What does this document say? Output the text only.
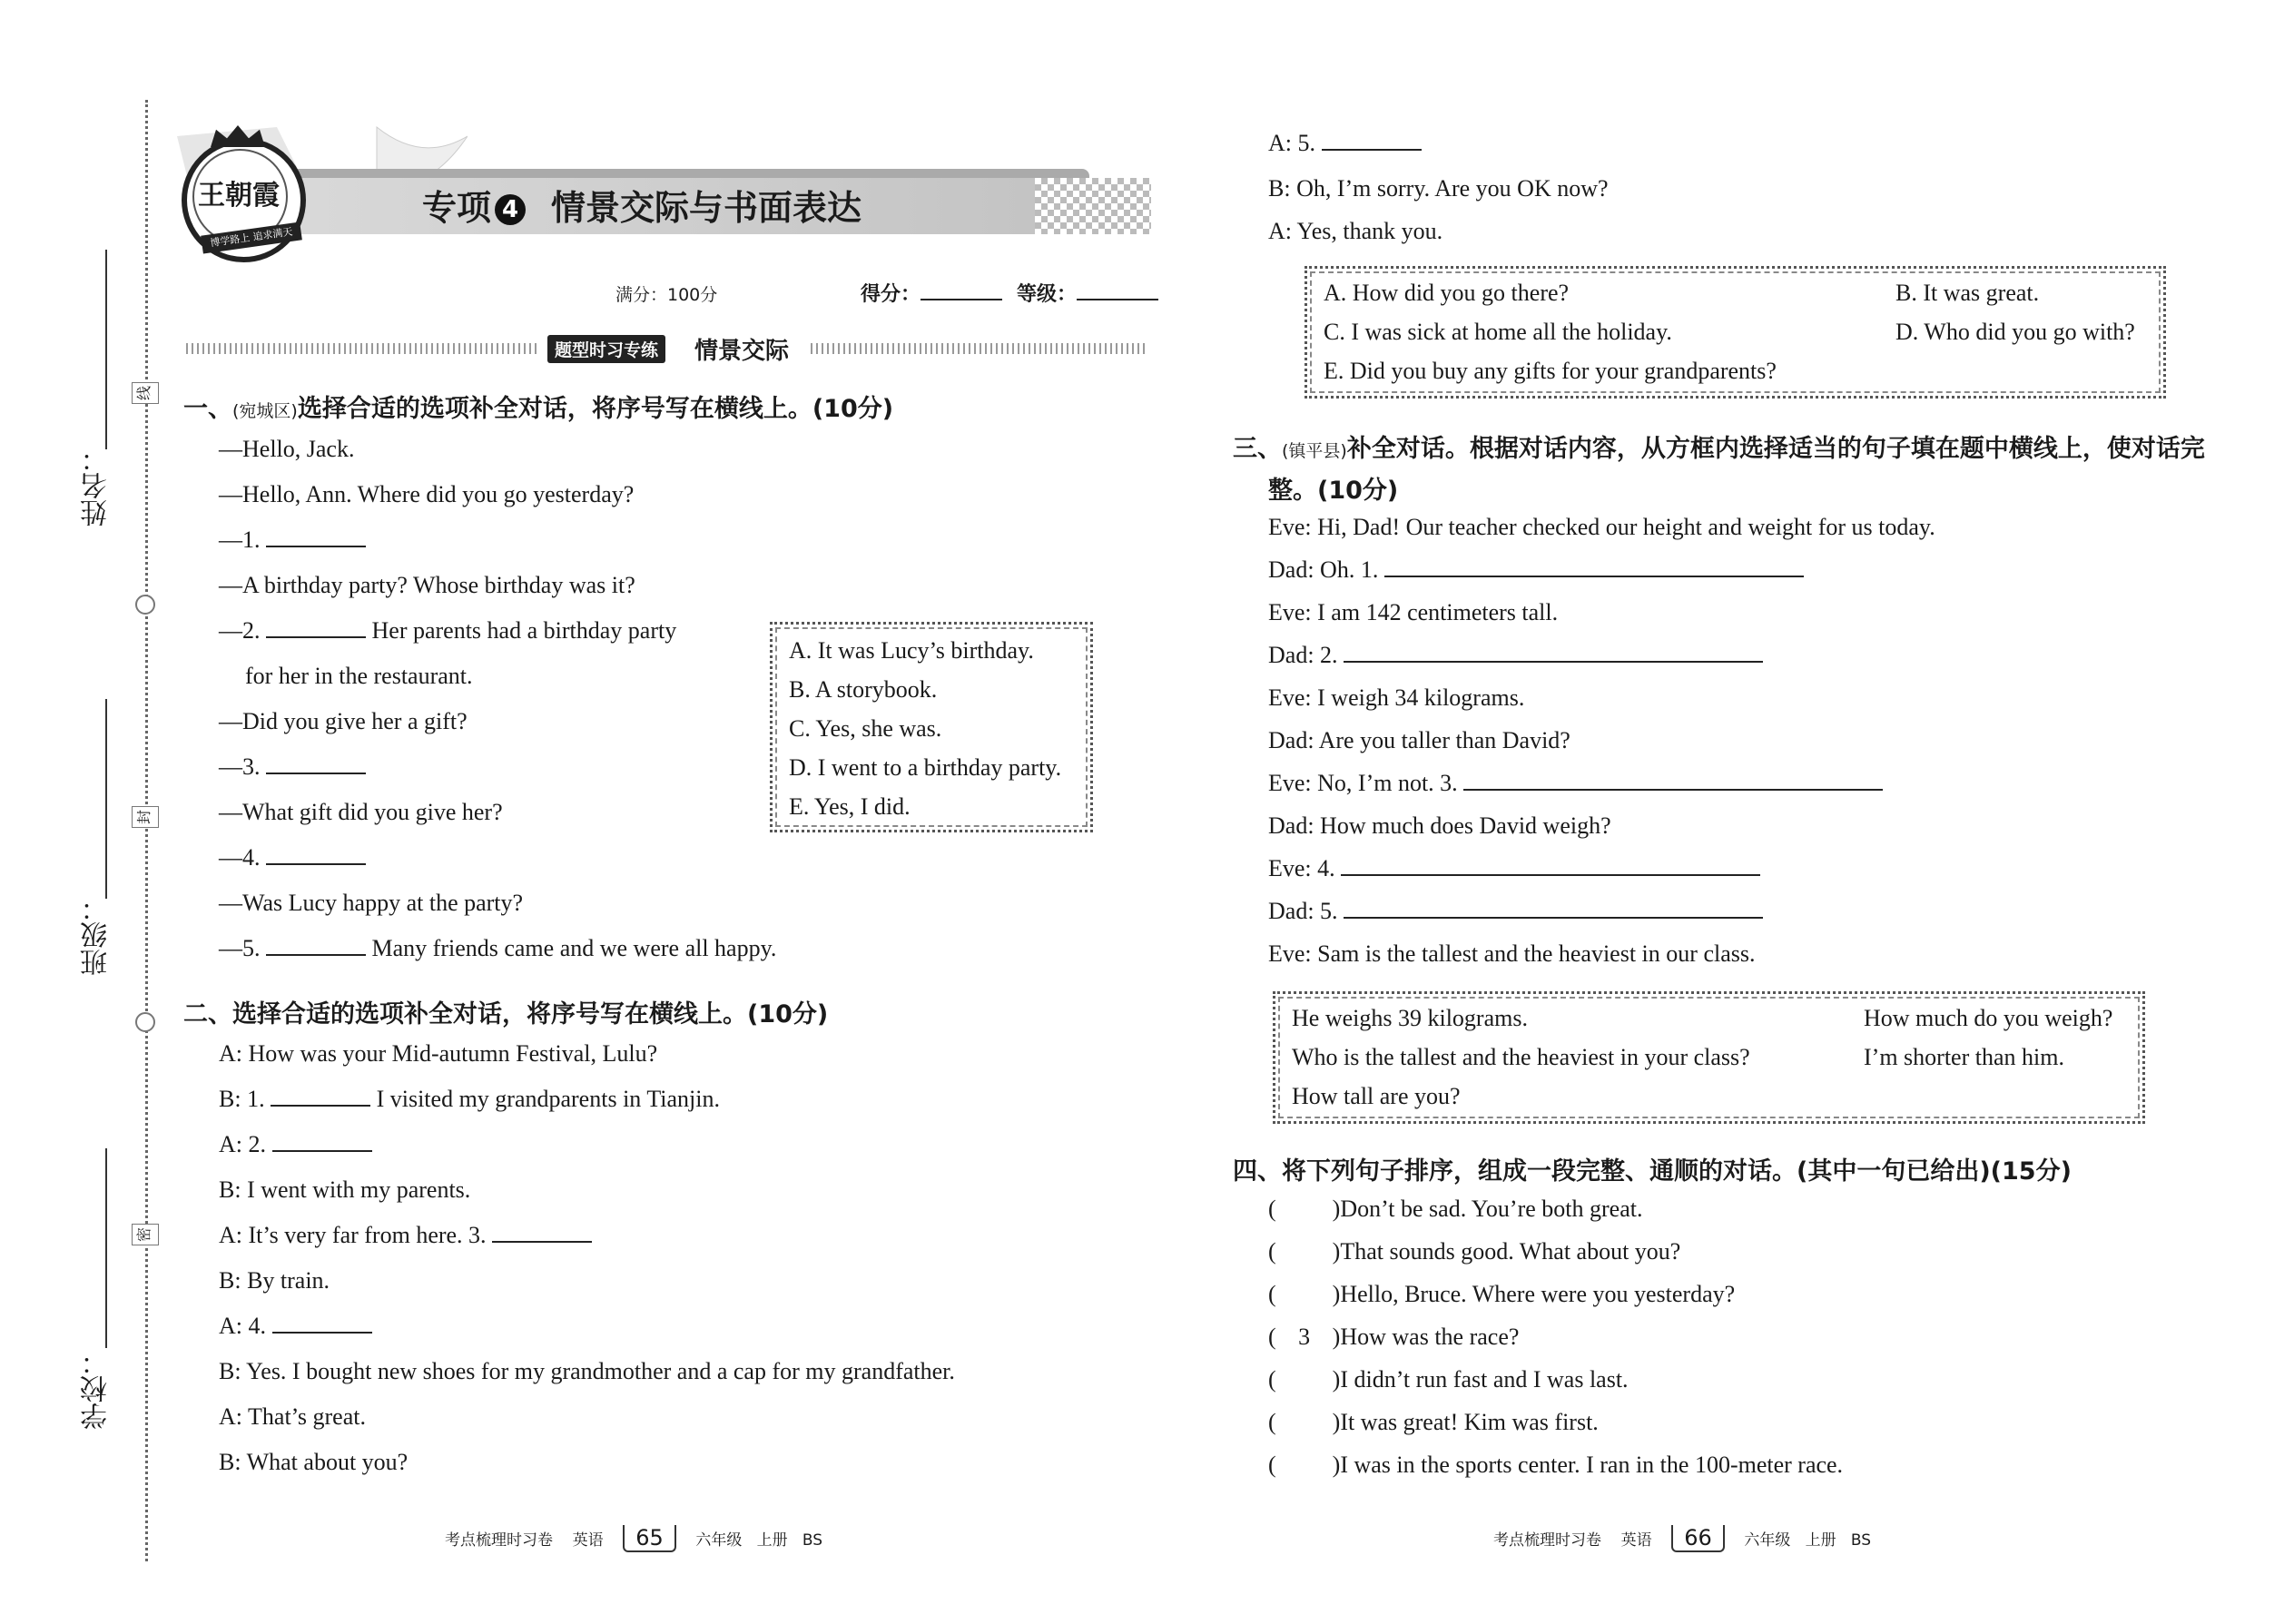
姓名：
班级：
学校：
线
封
密
王朝霞
博学路上 追求满天
专项 4 情景交际与书面表达
满分：100分	得分：	等级：
题型时习专练	情景交际
一、(宛城区)选择合适的选项补全对话，将序号写在横线上。(10分)
—Hello, Jack.
—Hello, Ann. Where did you go yesterday?
—1.
—A birthday party? Whose birthday was it?
—2.	Her parents had a birthday party
for her in the restaurant.
—Did you give her a gift?
—3.
—What gift did you give her?
—4.
—Was Lucy happy at the party?
—5.	Many friends came and we were all happy.
A. It was Lucy’s birthday.
B. A storybook.
C. Yes, she was.
D. I went to a birthday party.
E. Yes, I did.
二、选择合适的选项补全对话，将序号写在横线上。(10分)
A: How was your Mid-autumn Festival, Lulu?
B: 1.	I visited my grandparents in Tianjin.
A: 2.
B: I went with my parents.
A: It’s very far from here. 3.
B: By train.
A: 4.
B: Yes. I bought new shoes for my grandmother and a cap for my grandfather.
A: That’s great.
B: What about you?
A: 5.
B: Oh, I’m sorry. Are you OK now?
A: Yes, thank you.
A. How did you go there?	B. It was great.
C. I was sick at home all the holiday.	D. Who did you go with?
E. Did you buy any gifts for your grandparents?
三、(镇平县)补全对话。根据对话内容，从方框内选择适当的句子填在题中横线上，使对话完
整。(10分)
Eve: Hi, Dad! Our teacher checked our height and weight for us today.
Dad: Oh. 1.
Eve: I am 142 centimeters tall.
Dad: 2.
Eve: I weigh 34 kilograms.
Dad: Are you taller than David?
Eve: No, I’m not. 3.
Dad: How much does David weigh?
Eve: 4.
Dad: 5.
Eve: Sam is the tallest and the heaviest in our class.
He weighs 39 kilograms.	How much do you weigh?
Who is the tallest and the heaviest in your class?	I’m shorter than him.
How tall are you?
四、将下列句子排序，组成一段完整、通顺的对话。(其中一句已给出)(15分)
( )Don’t be sad. You’re both great.
( )That sounds good. What about you?
( )Hello, Bruce. Where were you yesterday?
( 3 )How was the race?
( )I didn’t run fast and I was last.
( )It was great! Kim was first.
( )I was in the sports center. I ran in the 100-meter race.
考点梳理时习卷 英语 65 六年级 上册 BS	考点梳理时习卷 英语 66 六年级 上册 BS
